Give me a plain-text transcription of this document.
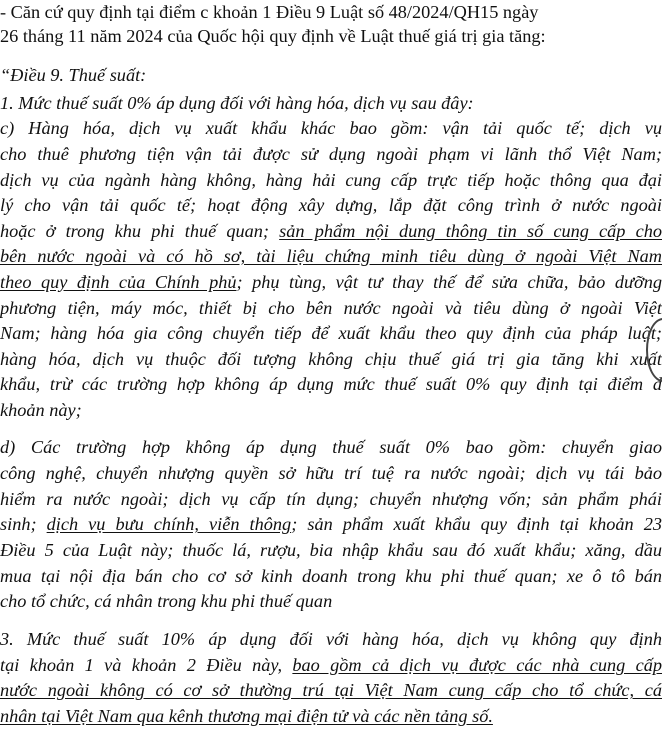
- Căn cứ quy định tại điểm c khoản 1 Điều 9 Luật số 48/2024/QH15 ngày
26 tháng 11 năm 2024 của Quốc hội quy định về Luật thuế giá trị gia tăng:
“Điều 9. Thuế suất:
1. Mức thuế suất 0% áp dụng đối với hàng hóa, dịch vụ sau đây:
c) Hàng hóa, dịch vụ xuất khẩu khác bao gồm: vận tải quốc tế; dịch vụ
cho thuê phương tiện vận tải được sử dụng ngoài phạm vi lãnh thổ Việt Nam;
dịch vụ của ngành hàng không, hàng hải cung cấp trực tiếp hoặc thông qua đại
lý cho vận tải quốc tế; hoạt động xây dựng, lắp đặt công trình ở nước ngoài
hoặc ở trong khu phi thuế quan; sản phẩm nội dung thông tin số cung cấp cho
bên nước ngoài và có hồ sơ, tài liệu chứng minh tiêu dùng ở ngoài Việt Nam
theo quy định của Chính phủ; phụ tùng, vật tư thay thế để sửa chữa, bảo dưỡng
phương tiện, máy móc, thiết bị cho bên nước ngoài và tiêu dùng ở ngoài Việt
Nam; hàng hóa gia công chuyển tiếp để xuất khẩu theo quy định của pháp luật;
hàng hóa, dịch vụ thuộc đối tượng không chịu thuế giá trị gia tăng khi xuất
khẩu, trừ các trường hợp không áp dụng mức thuế suất 0% quy định tại điểm d
khoản này;
d) Các trường hợp không áp dụng thuế suất 0% bao gồm: chuyển giao
công nghệ, chuyển nhượng quyền sở hữu trí tuệ ra nước ngoài; dịch vụ tái bảo
hiểm ra nước ngoài; dịch vụ cấp tín dụng; chuyển nhượng vốn; sản phẩm phái
sinh; dịch vụ bưu chính, viễn thông; sản phẩm xuất khẩu quy định tại khoản 23
Điều 5 của Luật này; thuốc lá, rượu, bia nhập khẩu sau đó xuất khẩu; xăng, dầu
mua tại nội địa bán cho cơ sở kinh doanh trong khu phi thuế quan; xe ô tô bán
cho tổ chức, cá nhân trong khu phi thuế quan
3. Mức thuế suất 10% áp dụng đối với hàng hóa, dịch vụ không quy định
tại khoản 1 và khoản 2 Điều này, bao gồm cả dịch vụ được các nhà cung cấp
nước ngoài không có cơ sở thường trú tại Việt Nam cung cấp cho tổ chức, cá
nhân tại Việt Nam qua kênh thương mại điện tử và các nền tảng số.
